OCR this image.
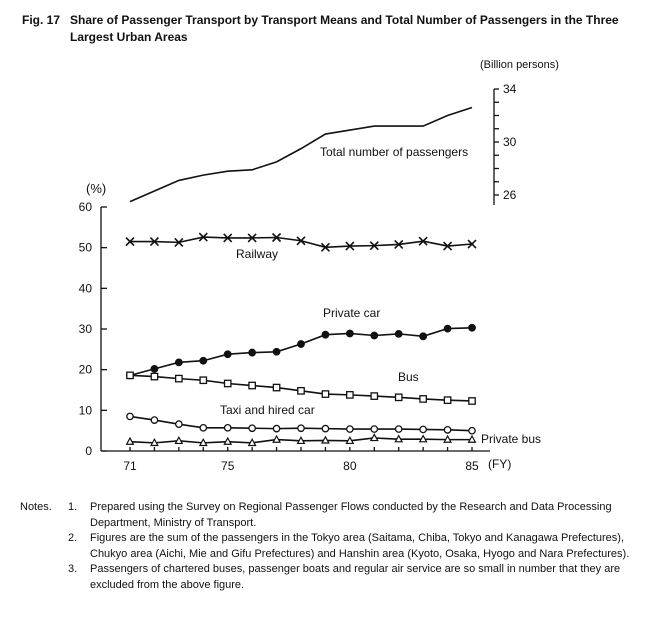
Fig. 17 Share of Passenger Transport by Transport Means and Total Number of Passengers in the Three Largest Urban Areas
0
10
20
30
40
50
60
(%)
71	75	80	85 (FY)
26
30
34
(Billion persons)
Total number of passengers
Railway
Private car
Bus
Taxi and hired car
Private bus
Notes. 1. Prepared using the Survey on Regional Passenger Flows conducted by the Research and Data Processing Department, Ministry of Transport.
2. Figures are the sum of the passengers in the Tokyo area (Saitama, Chiba, Tokyo and Kanagawa Prefectures), Chukyo area (Aichi, Mie and Gifu Prefectures) and Hanshin area (Kyoto, Osaka, Hyogo and Nara Prefectures).
3. Passengers of chartered buses, passenger boats and regular air service are so small in number that they are excluded from the above figure.
